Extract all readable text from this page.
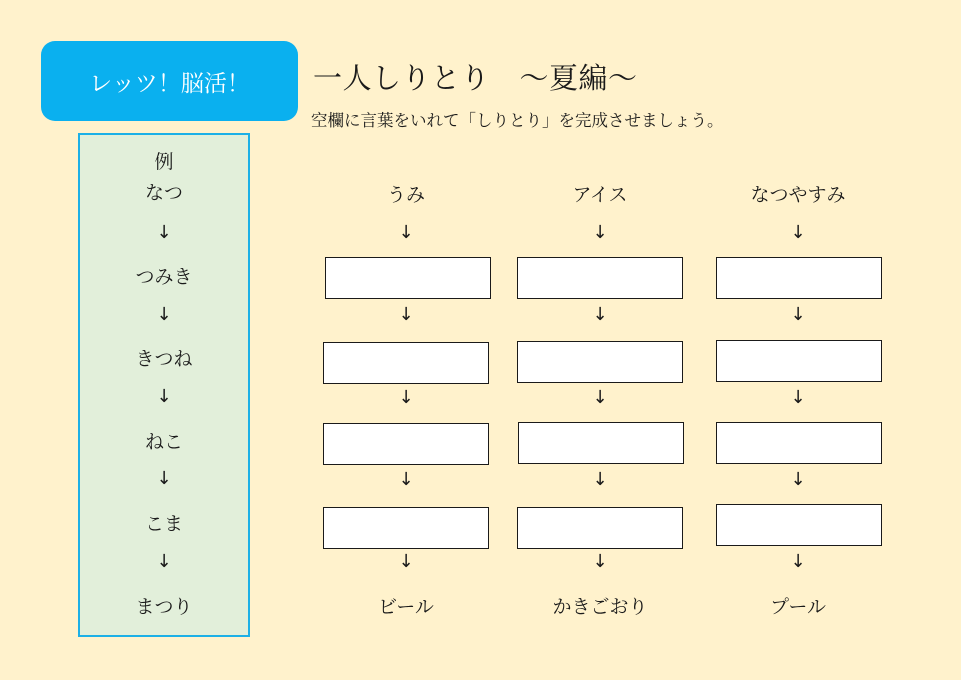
レッツ！脳活！ 一人しりとり　～夏編～
空欄に言葉をいれて「しりとり」を完成させましょう。
例
なつ
↓
つみき
↓
きつね
↓
ねこ
↓
こま
↓
まつり
うみ
↓
↓
↓
↓
↓
ビール
アイス
↓
↓
↓
↓
↓
かきごおり
なつやすみ
↓
↓
↓
↓
↓
プール
